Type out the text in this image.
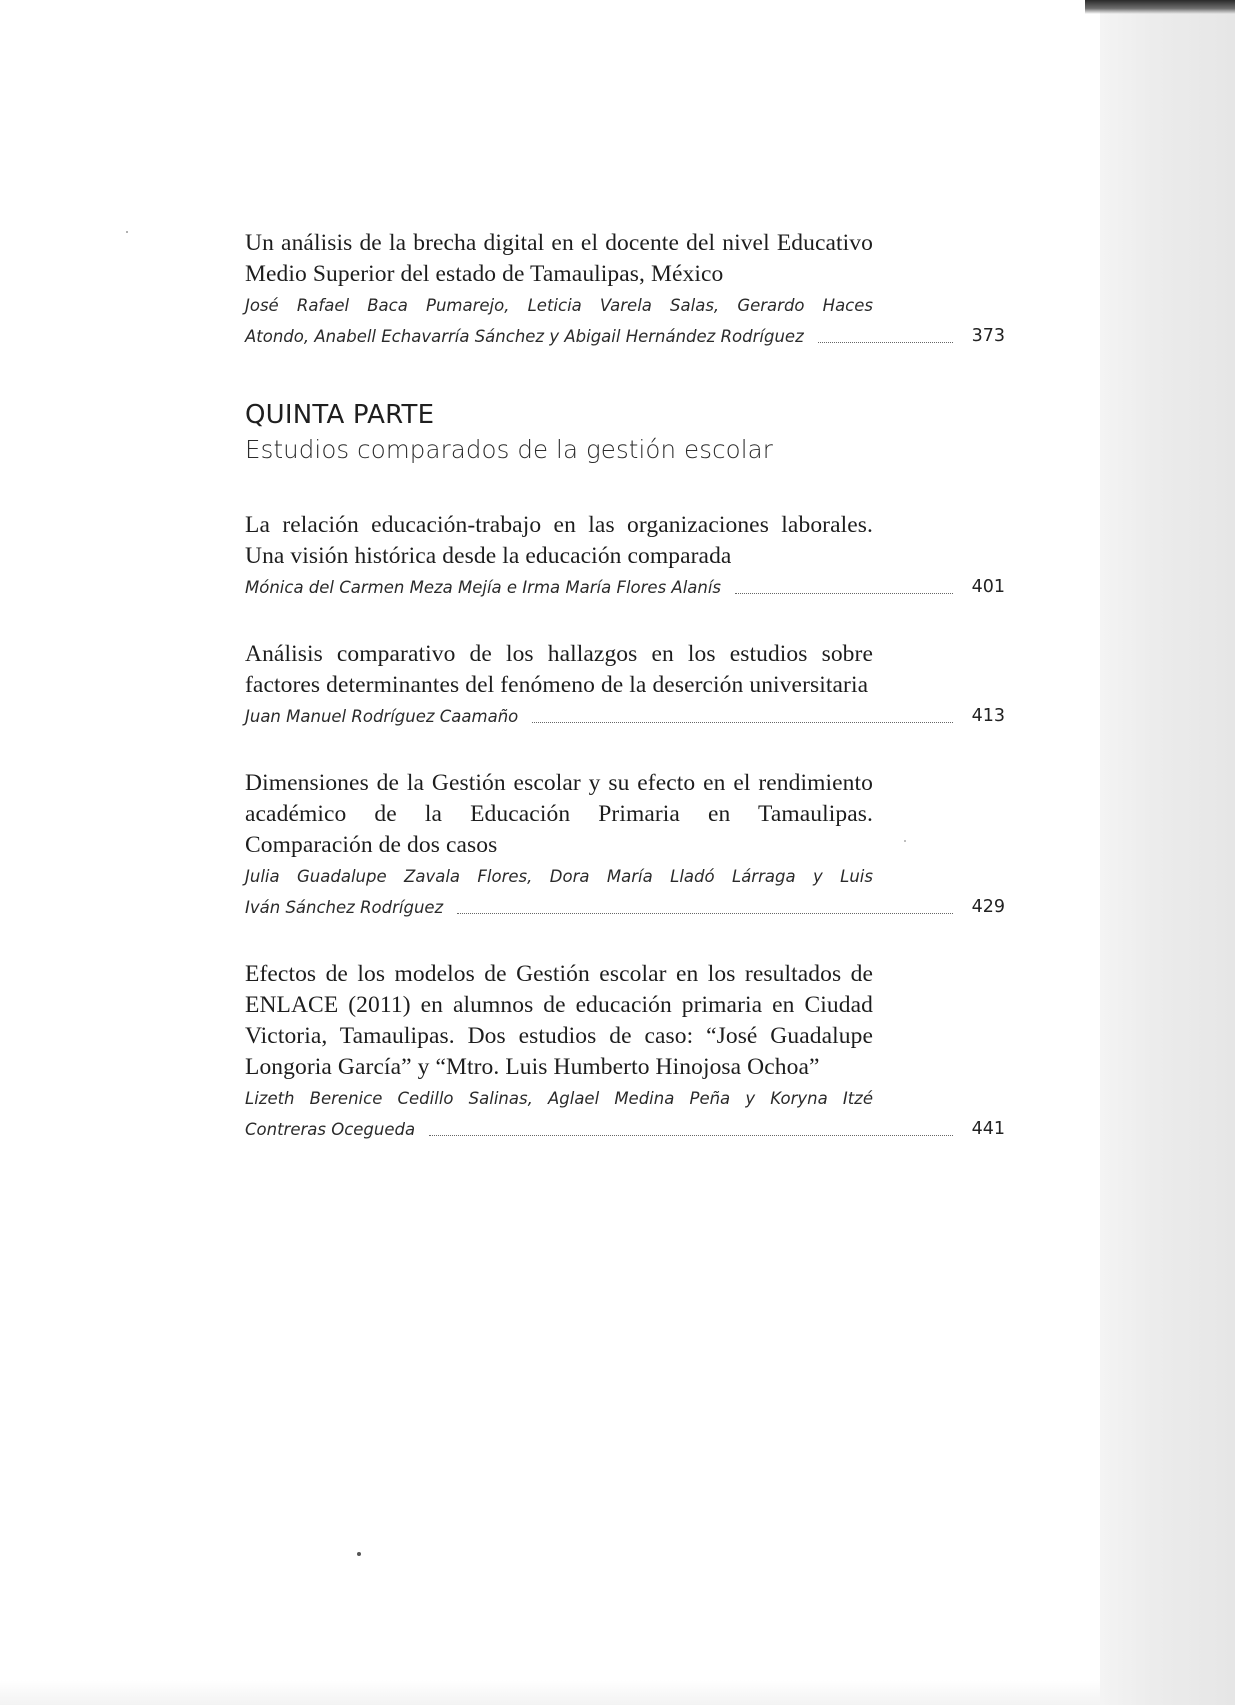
Un análisis de la brecha digital en el docente del nivel Educativo Medio Superior del estado de Tamaulipas, México
José Rafael Baca Pumarejo, Leticia Varela Salas, Gerardo Haces
Atondo, Anabell Echavarría Sánchez y Abigail Hernández Rodríguez	373
QUINTA PARTE
Estudios comparados de la gestión escolar
La relación educación-trabajo en las organizaciones laborales. Una visión histórica desde la educación comparada
Mónica del Carmen Meza Mejía e Irma María Flores Alanís	401
Análisis comparativo de los hallazgos en los estudios sobre factores determinantes del fenómeno de la deserción universitaria
Juan Manuel Rodríguez Caamaño	413
Dimensiones de la Gestión escolar y su efecto en el rendimiento académico de la Educación Primaria en Tamaulipas. Comparación de dos casos
Julia Guadalupe Zavala Flores, Dora María Lladó Lárraga y Luis
Iván Sánchez Rodríguez	429
Efectos de los modelos de Gestión escolar en los resultados de ENLACE (2011) en alumnos de educación primaria en Ciudad Victoria, Tamaulipas. Dos estudios de caso: “José Guadalupe Longoria García” y “Mtro. Luis Humberto Hinojosa Ochoa”
Lizeth Berenice Cedillo Salinas, Aglael Medina Peña y Koryna Itzé
Contreras Ocegueda	441
